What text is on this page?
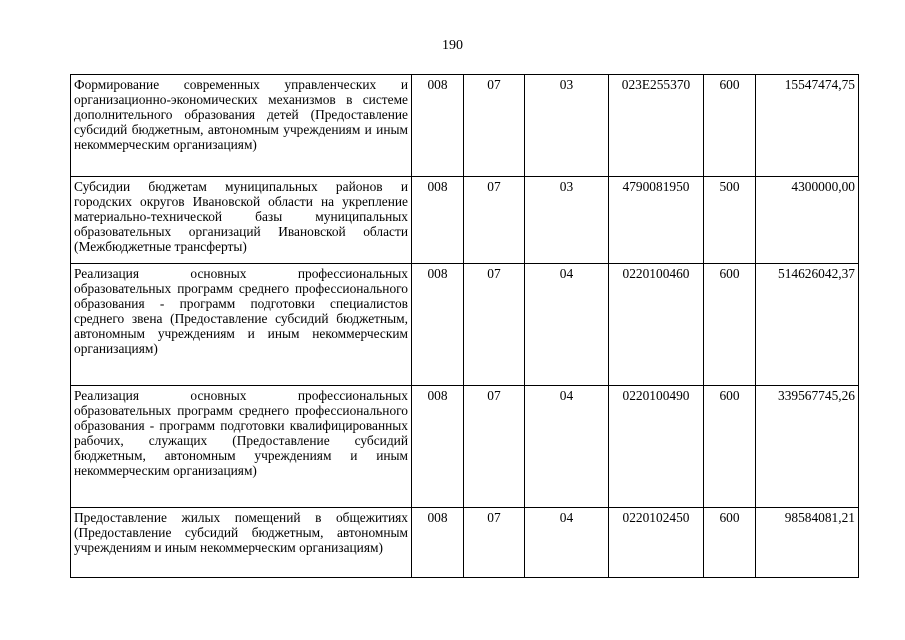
190
Формирование современных управленческих и организационно-экономических механизмов в системе дополнительного образования детей (Предоставление субсидий бюджетным, автономным учреждениям и иным некоммерческим организациям)	008	07	03	023E255370	600	15547474,75
Субсидии бюджетам муниципальных районов и городских округов Ивановской области на укрепление материально-технической базы муниципальных образовательных организаций Ивановской области (Межбюджетные трансферты)	008	07	03	4790081950	500	4300000,00
Реализация основных профессиональных образовательных программ среднего профессионального образования - программ подготовки специалистов среднего звена (Предоставление субсидий бюджетным, автономным учреждениям и иным некоммерческим организациям)	008	07	04	0220100460	600	514626042,37
Реализация основных профессиональных образовательных программ среднего профессионального образования - программ подготовки квалифицированных рабочих, служащих (Предоставление субсидий бюджетным, автономным учреждениям и иным некоммерческим организациям)	008	07	04	0220100490	600	339567745,26
Предоставление жилых помещений в общежитиях (Предоставление субсидий бюджетным, автономным учреждениям и иным некоммерческим организациям)	008	07	04	0220102450	600	98584081,21
